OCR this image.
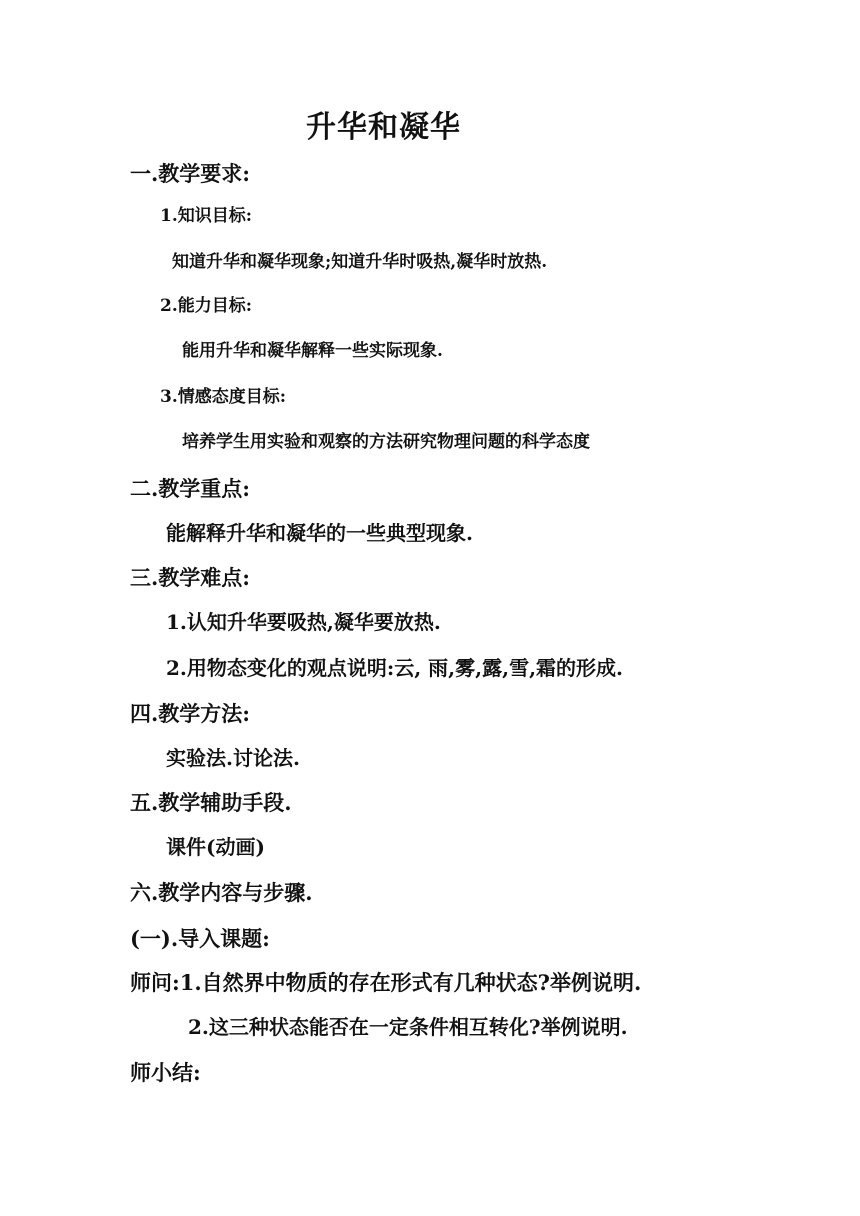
升华和凝华
一.教学要求:
1.知识目标:
知道升华和凝华现象;知道升华时吸热,凝华时放热.
2.能力目标:
能用升华和凝华解释一些实际现象.
3.情感态度目标:
培养学生用实验和观察的方法研究物理问题的科学态度
二.教学重点:
能解释升华和凝华的一些典型现象.
三.教学难点:
1.认知升华要吸热,凝华要放热.
2.用物态变化的观点说明:云, 雨,雾,露,雪,霜的形成.
四.教学方法:
实验法.讨论法.
五.教学辅助手段.
课件(动画)
六.教学内容与步骤.
(一).导入课题:
师问:1.自然界中物质的存在形式有几种状态?举例说明.
2.这三种状态能否在一定条件相互转化?举例说明.
师小结:
